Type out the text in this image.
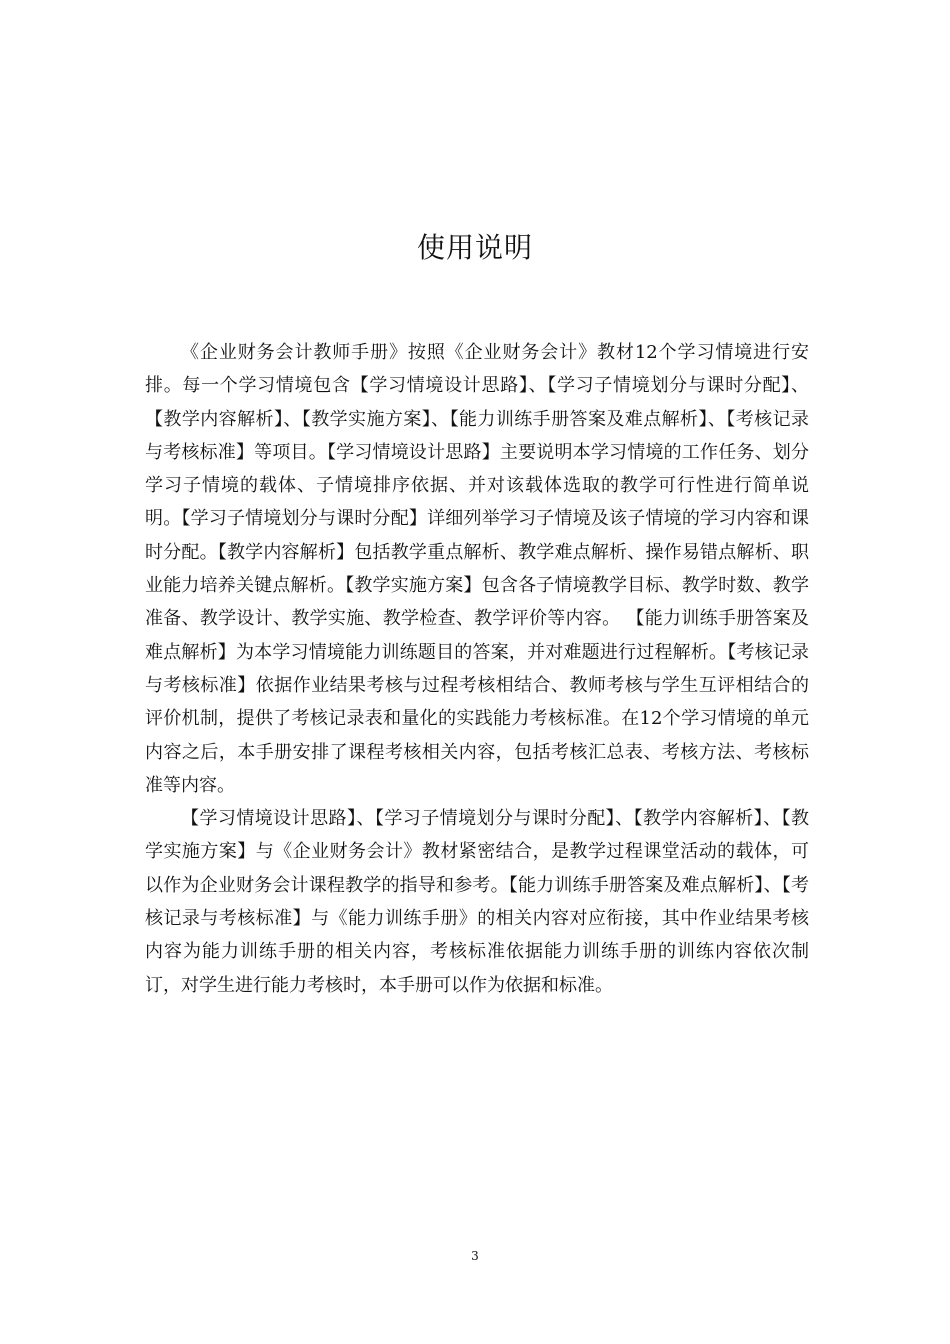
使用说明

《企业财务会计教师手册》按照《企业财务会计》教材12个学习情境进行安排。每一个学习情境包含【学习情境设计思路】、【学习子情境划分与课时分配】、【教学内容解析】、【教学实施方案】、【能力训练手册答案及难点解析】、【考核记录与考核标准】等项目。【学习情境设计思路】主要说明本学习情境的工作任务、划分学习子情境的载体、子情境排序依据、并对该载体选取的教学可行性进行简单说明。【学习子情境划分与课时分配】详细列举学习子情境及该子情境的学习内容和课时分配。【教学内容解析】包括教学重点解析、教学难点解析、操作易错点解析、职业能力培养关键点解析。【教学实施方案】包含各子情境教学目标、教学时数、教学准备、教学设计、教学实施、教学检查、教学评价等内容。 【能力训练手册答案及难点解析】为本学习情境能力训练题目的答案，并对难题进行过程解析。【考核记录与考核标准】依据作业结果考核与过程考核相结合、教师考核与学生互评相结合的评价机制，提供了考核记录表和量化的实践能力考核标准。在12个学习情境的单元内容之后，本手册安排了课程考核相关内容，包括考核汇总表、考核方法、考核标准等内容。

【学习情境设计思路】、【学习子情境划分与课时分配】、【教学内容解析】、【教学实施方案】与《企业财务会计》教材紧密结合，是教学过程课堂活动的载体，可以作为企业财务会计课程教学的指导和参考。【能力训练手册答案及难点解析】、【考核记录与考核标准】与《能力训练手册》的相关内容对应衔接，其中作业结果考核内容为能力训练手册的相关内容，考核标准依据能力训练手册的训练内容依次制订，对学生进行能力考核时，本手册可以作为依据和标准。

3
